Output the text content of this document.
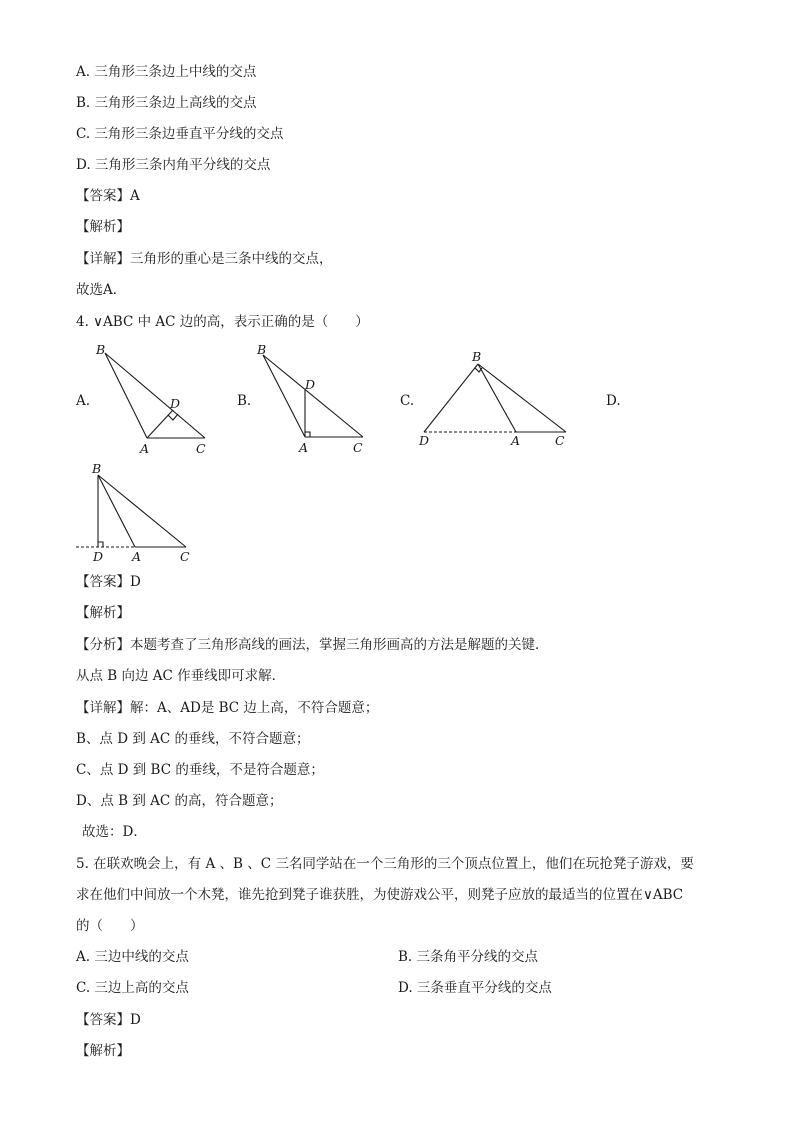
A. 三角形三条边上中线的交点
B. 三角形三条边上高线的交点
C. 三角形三条边垂直平分线的交点
D. 三角形三条内角平分线的交点
【答案】A
【解析】
【详解】三角形的重心是三条中线的交点，
故选A．
4. ∨ABC 中 AC 边的高，表示正确的是（　　）
A.	B.	C.	D.
B
D
A	C
B
D
A	C
B
D	A	C
B
D A	C
【答案】D
【解析】
【分析】本题考查了三角形高线的画法，掌握三角形画高的方法是解题的关键．
从点 B 向边 AC 作垂线即可求解．
【详解】解：A、AD是 BC 边上高，不符合题意；
B、点 D 到 AC 的垂线，不符合题意；
C、点 D 到 BC 的垂线，不是符合题意；
D、点 B 到 AC 的高，符合题意；
故选：D．
5. 在联欢晚会上，有 A 、B 、C 三名同学站在一个三角形的三个顶点位置上，他们在玩抢凳子游戏，要
求在他们中间放一个木凳，谁先抢到凳子谁获胜，为使游戏公平，则凳子应放的最适当的位置在∨ABC
的（　　）
A. 三边中线的交点	B. 三条角平分线的交点
C. 三边上高的交点	D. 三条垂直平分线的交点
【答案】D
【解析】
